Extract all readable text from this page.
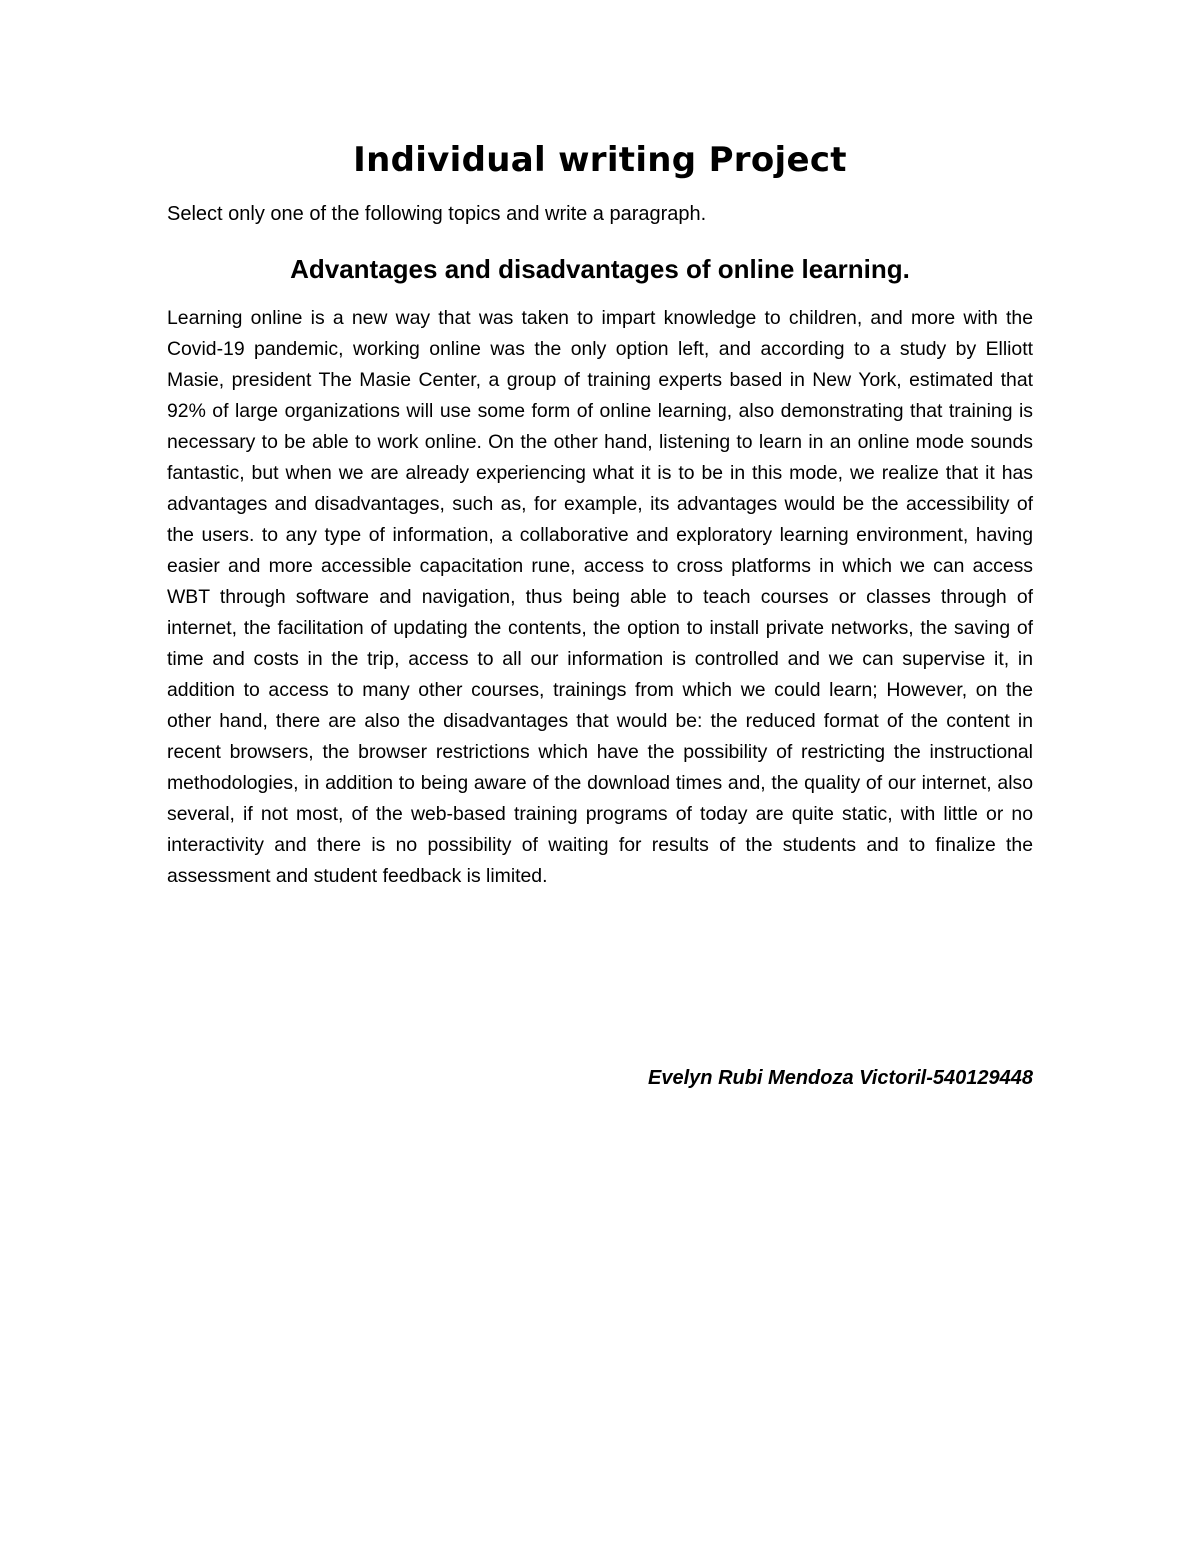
Individual writing Project

Select only one of the following topics and write a paragraph.

Advantages and disadvantages of online learning.

Learning online is a new way that was taken to impart knowledge to children, and more with the Covid-19 pandemic, working online was the only option left, and according to a study by Elliott Masie, president The Masie Center, a group of training experts based in New York, estimated that 92% of large organizations will use some form of online learning, also demonstrating that training is necessary to be able to work online. On the other hand, listening to learn in an online mode sounds fantastic, but when we are already experiencing what it is to be in this mode, we realize that it has advantages and disadvantages, such as, for example, its advantages would be the accessibility of the users. to any type of information, a collaborative and exploratory learning environment, having easier and more accessible capacitation rune, access to cross platforms in which we can access WBT through software and navigation, thus being able to teach courses or classes through of internet, the facilitation of updating the contents, the option to install private networks, the saving of time and costs in the trip, access to all our information is controlled and we can supervise it, in addition to access to many other courses, trainings from which we could learn; However, on the other hand, there are also the disadvantages that would be: the reduced format of the content in recent browsers, the browser restrictions which have the possibility of restricting the instructional methodologies, in addition to being aware of the download times and, the quality of our internet, also several, if not most, of the web-based training programs of today are quite static, with little or no interactivity and there is no possibility of waiting for results of the students and to finalize the assessment and student feedback is limited.

Evelyn Rubi Mendoza Victoril-540129448
